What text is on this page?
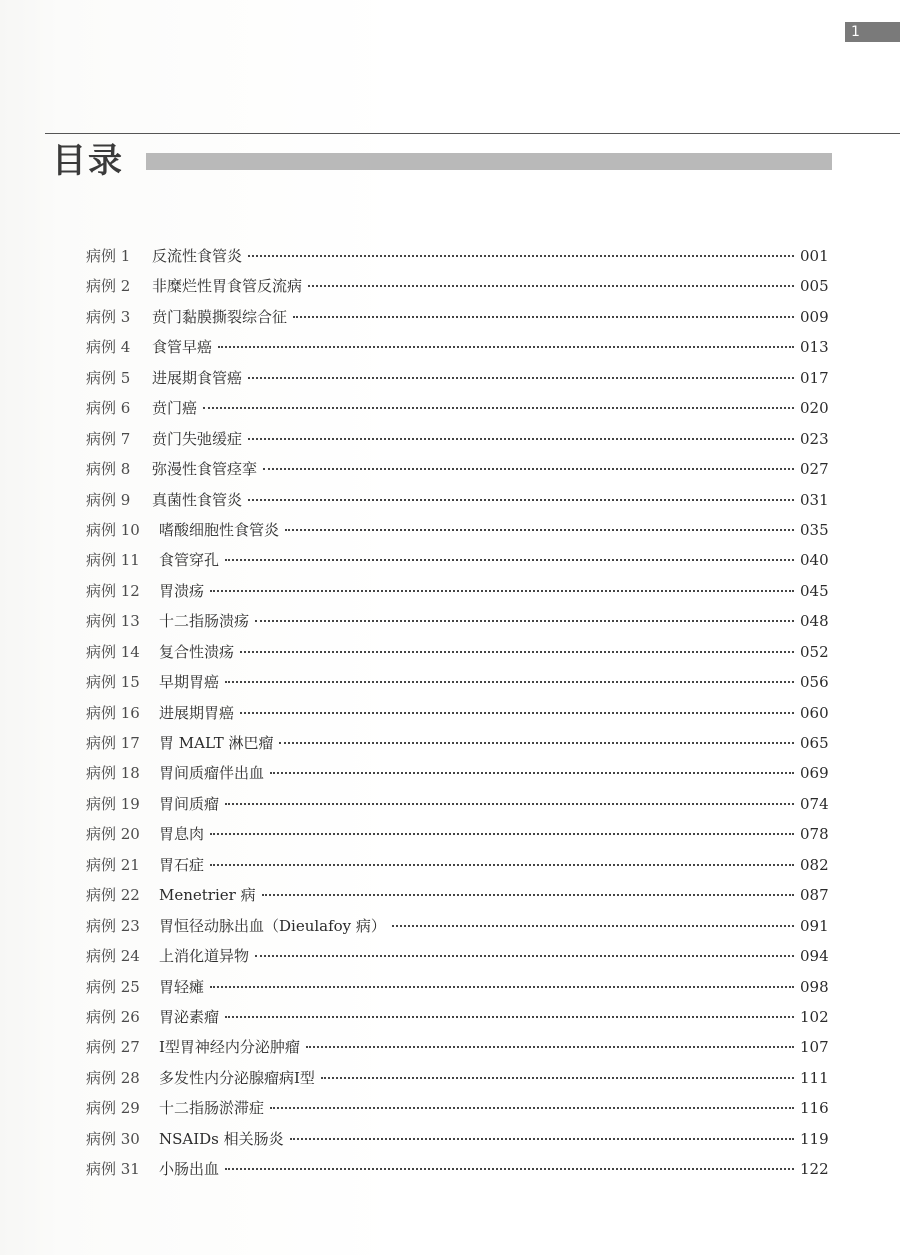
1
目录
病例 1	反流性食管炎	001
病例 2	非糜烂性胃食管反流病	005
病例 3	贲门黏膜撕裂综合征	009
病例 4	食管早癌	013
病例 5	进展期食管癌	017
病例 6	贲门癌	020
病例 7	贲门失弛缓症	023
病例 8	弥漫性食管痉挛	027
病例 9	真菌性食管炎	031
病例 10	嗜酸细胞性食管炎	035
病例 11	食管穿孔	040
病例 12	胃溃疡	045
病例 13	十二指肠溃疡	048
病例 14	复合性溃疡	052
病例 15	早期胃癌	056
病例 16	进展期胃癌	060
病例 17	胃 MALT 淋巴瘤	065
病例 18	胃间质瘤伴出血	069
病例 19	胃间质瘤	074
病例 20	胃息肉	078
病例 21	胃石症	082
病例 22	Menetrier 病	087
病例 23	胃恒径动脉出血（Dieulafoy 病）	091
病例 24	上消化道异物	094
病例 25	胃轻瘫	098
病例 26	胃泌素瘤	102
病例 27	Ⅰ型胃神经内分泌肿瘤	107
病例 28	多发性内分泌腺瘤病Ⅰ型	111
病例 29	十二指肠淤滞症	116
病例 30	NSAIDs 相关肠炎	119
病例 31	小肠出血	122
